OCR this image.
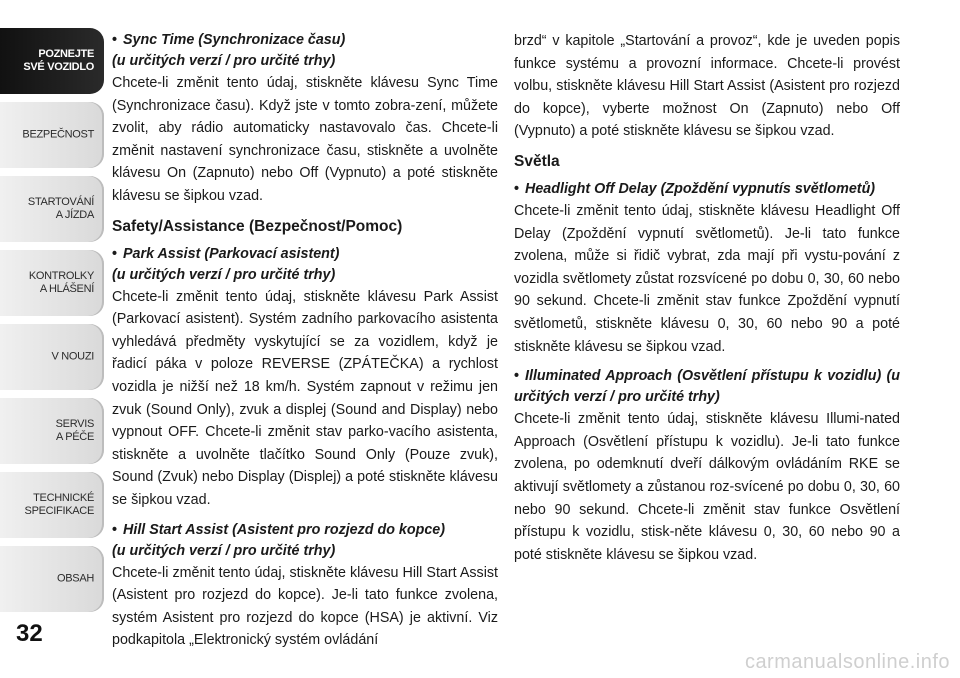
POZNEJTE
SVÉ VOZIDLO
BEZPEČNOST
STARTOVÁNÍ
A JÍZDA
KONTROLKY
A HLÁŠENÍ
V NOUZI
SERVIS
A PÉČE
TECHNICKÉ
SPECIFIKACE
OBSAH
32
• Sync Time (Synchronizace času)
(u určitých verzí / pro určité trhy)

Chcete-li změnit tento údaj, stiskněte klávesu Sync Time (Synchronizace času). Když jste v tomto zobra-zení, můžete zvolit, aby rádio automaticky nastavovalo čas. Chcete-li změnit nastavení synchronizace času, stiskněte a uvolněte klávesu On (Zapnuto) nebo Off (Vypnuto) a poté stiskněte klávesu se šipkou vzad.

Safety/Assistance (Bezpečnost/Pomoc)
• Park Assist (Parkovací asistent)
(u určitých verzí / pro určité trhy)

Chcete-li změnit tento údaj, stiskněte klávesu Park Assist (Parkovací asistent). Systém zadního parkovacího asistenta vyhledává předměty vyskytující se za vozidlem, když je řadicí páka v poloze REVERSE (ZPÁTEČKA) a rychlost vozidla je nižší než 18 km/h. Systém zapnout v režimu jen zvuk (Sound Only), zvuk a displej (Sound and Display) nebo vypnout OFF. Chcete-li změnit stav parko-vacího asistenta, stiskněte a uvolněte tlačítko Sound Only (Pouze zvuk), Sound (Zvuk) nebo Display (Displej) a poté stiskněte klávesu se šipkou vzad.

• Hill Start Assist (Asistent pro rozjezd do kopce)
(u určitých verzí / pro určité trhy)

Chcete-li změnit tento údaj, stiskněte klávesu Hill Start Assist (Asistent pro rozjezd do kopce). Je-li tato funkce zvolena, systém Asistent pro rozjezd do kopce (HSA) je aktivní. Viz podkapitola „Elektronický systém ovládání

brzd“ v kapitole „Startování a provoz“, kde je uveden popis funkce systému a provozní informace. Chcete-li provést volbu, stiskněte klávesu Hill Start Assist (Asistent pro rozjezd do kopce), vyberte možnost On (Zapnuto) nebo Off (Vypnuto) a poté stiskněte klávesu se šipkou vzad.

Světla
• Headlight Off Delay (Zpoždění vypnutís světlometů)

Chcete-li změnit tento údaj, stiskněte klávesu Headlight Off Delay (Zpoždění vypnutí světlometů). Je-li tato funkce zvolena, může si řidič vybrat, zda mají při vystu-pování z vozidla světlomety zůstat rozsvícené po dobu 0, 30, 60 nebo 90 sekund. Chcete-li změnit stav funkce Zpoždění vypnutí světlometů, stiskněte klávesu 0, 30, 60 nebo 90 a poté stiskněte klávesu se šipkou vzad.

• Illuminated Approach (Osvětlení přístupu k vozidlu) (u určitých verzí / pro určité trhy)

Chcete-li změnit tento údaj, stiskněte klávesu Illumi-nated Approach (Osvětlení přístupu k vozidlu). Je-li tato funkce zvolena, po odemknutí dveří dálkovým ovládáním RKE se aktivují světlomety a zůstanou roz-svícené po dobu 0, 30, 60 nebo 90 sekund. Chcete-li změnit stav funkce Osvětlení přístupu k vozidlu, stisk-něte klávesu 0, 30, 60 nebo 90 a poté stiskněte klávesu se šipkou vzad.

carmanualsonline.info
